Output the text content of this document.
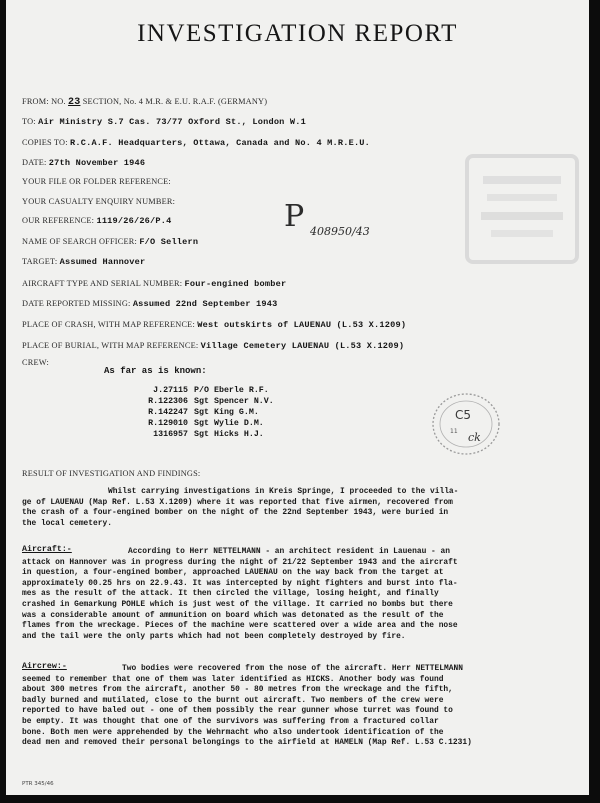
INVESTIGATION REPORT
FROM: NO. 23 SECTION, No. 4 M.R. & E.U. R.A.F. (GERMANY)
TO: Air Ministry S.7 Cas. 73/77 Oxford St., London W.1
COPIES TO: R.C.A.F. Headquarters, Ottawa, Canada and No. 4 M.R.E.U.
DATE: 27th November 1946
YOUR FILE OR FOLDER REFERENCE:
YOUR CASUALTY ENQUIRY NUMBER:
OUR REFERENCE: 1119/26/26/P.4
NAME OF SEARCH OFFICER: F/O Sellern
TARGET: Assumed Hannover
AIRCRAFT TYPE AND SERIAL NUMBER: Four-engined bomber
DATE REPORTED MISSING: Assumed 22nd September 1943
PLACE OF CRASH, WITH MAP REFERENCE: West outskirts of LAUENAU (L.53 X.1209)
PLACE OF BURIAL, WITH MAP REFERENCE: Village Cemetery LAUENAU (L.53 X.1209)
CREW:
P 408950/43
As far as is known:
J.27115 P/O Eberle R.F.
R.122306 Sgt Spencer N.V.
R.142247 Sgt King G.M.
R.129010 Sgt Wylie D.M.
1316957 Sgt Hicks H.J.
C5
11 ck
RESULT OF INVESTIGATION AND FINDINGS:
Whilst carrying investigations in Kreis Springe, I proceeded to the villa-
ge of LAUENAU (Map Ref. L.53 X.1209) where it was reported that five airmen, recovered from
the crash of a four-engined bomber on the night of the 22nd September 1943, were buried in
the local cemetery.
Aircraft:-	According to Herr NETTELMANN - an architect resident in Lauenau - an
attack on Hannover was in progress during the night of 21/22 September 1943 and the aircraft
in question, a four-engined bomber, approached LAUENAU on the way back from the target at
approximately 00.25 hrs on 22.9.43. It was intercepted by night fighters and burst into fla-
mes as the result of the attack. It then circled the village, losing height, and finally
crashed in Gemarkung POHLE which is just west of the village. It carried no bombs but there
was a considerable amount of ammunition on board which was detonated as the result of the
flames from the wreckage. Pieces of the machine were scattered over a wide area and the nose
and the tail were the only parts which had not been completely destroyed by fire.
Aircrew:-	Two bodies were recovered from the nose of the aircraft. Herr NETTELMANN
seemed to remember that one of them was later identified as HICKS. Another body was found
about 300 metres from the aircraft, another 50 - 80 metres from the wreckage and the fifth,
badly burned and mutilated, close to the burnt out aircraft. Two members of the crew were
reported to have baled out - one of them possibly the rear gunner whose turret was found to
be empty. It was thought that one of the survivors was suffering from a fractured collar
bone. Both men were apprehended by the Wehrmacht who also undertook identification of the
dead men and removed their personal belongings to the airfield at HAMELN (Map Ref. L.53 C.1231)
PTR 345/46
